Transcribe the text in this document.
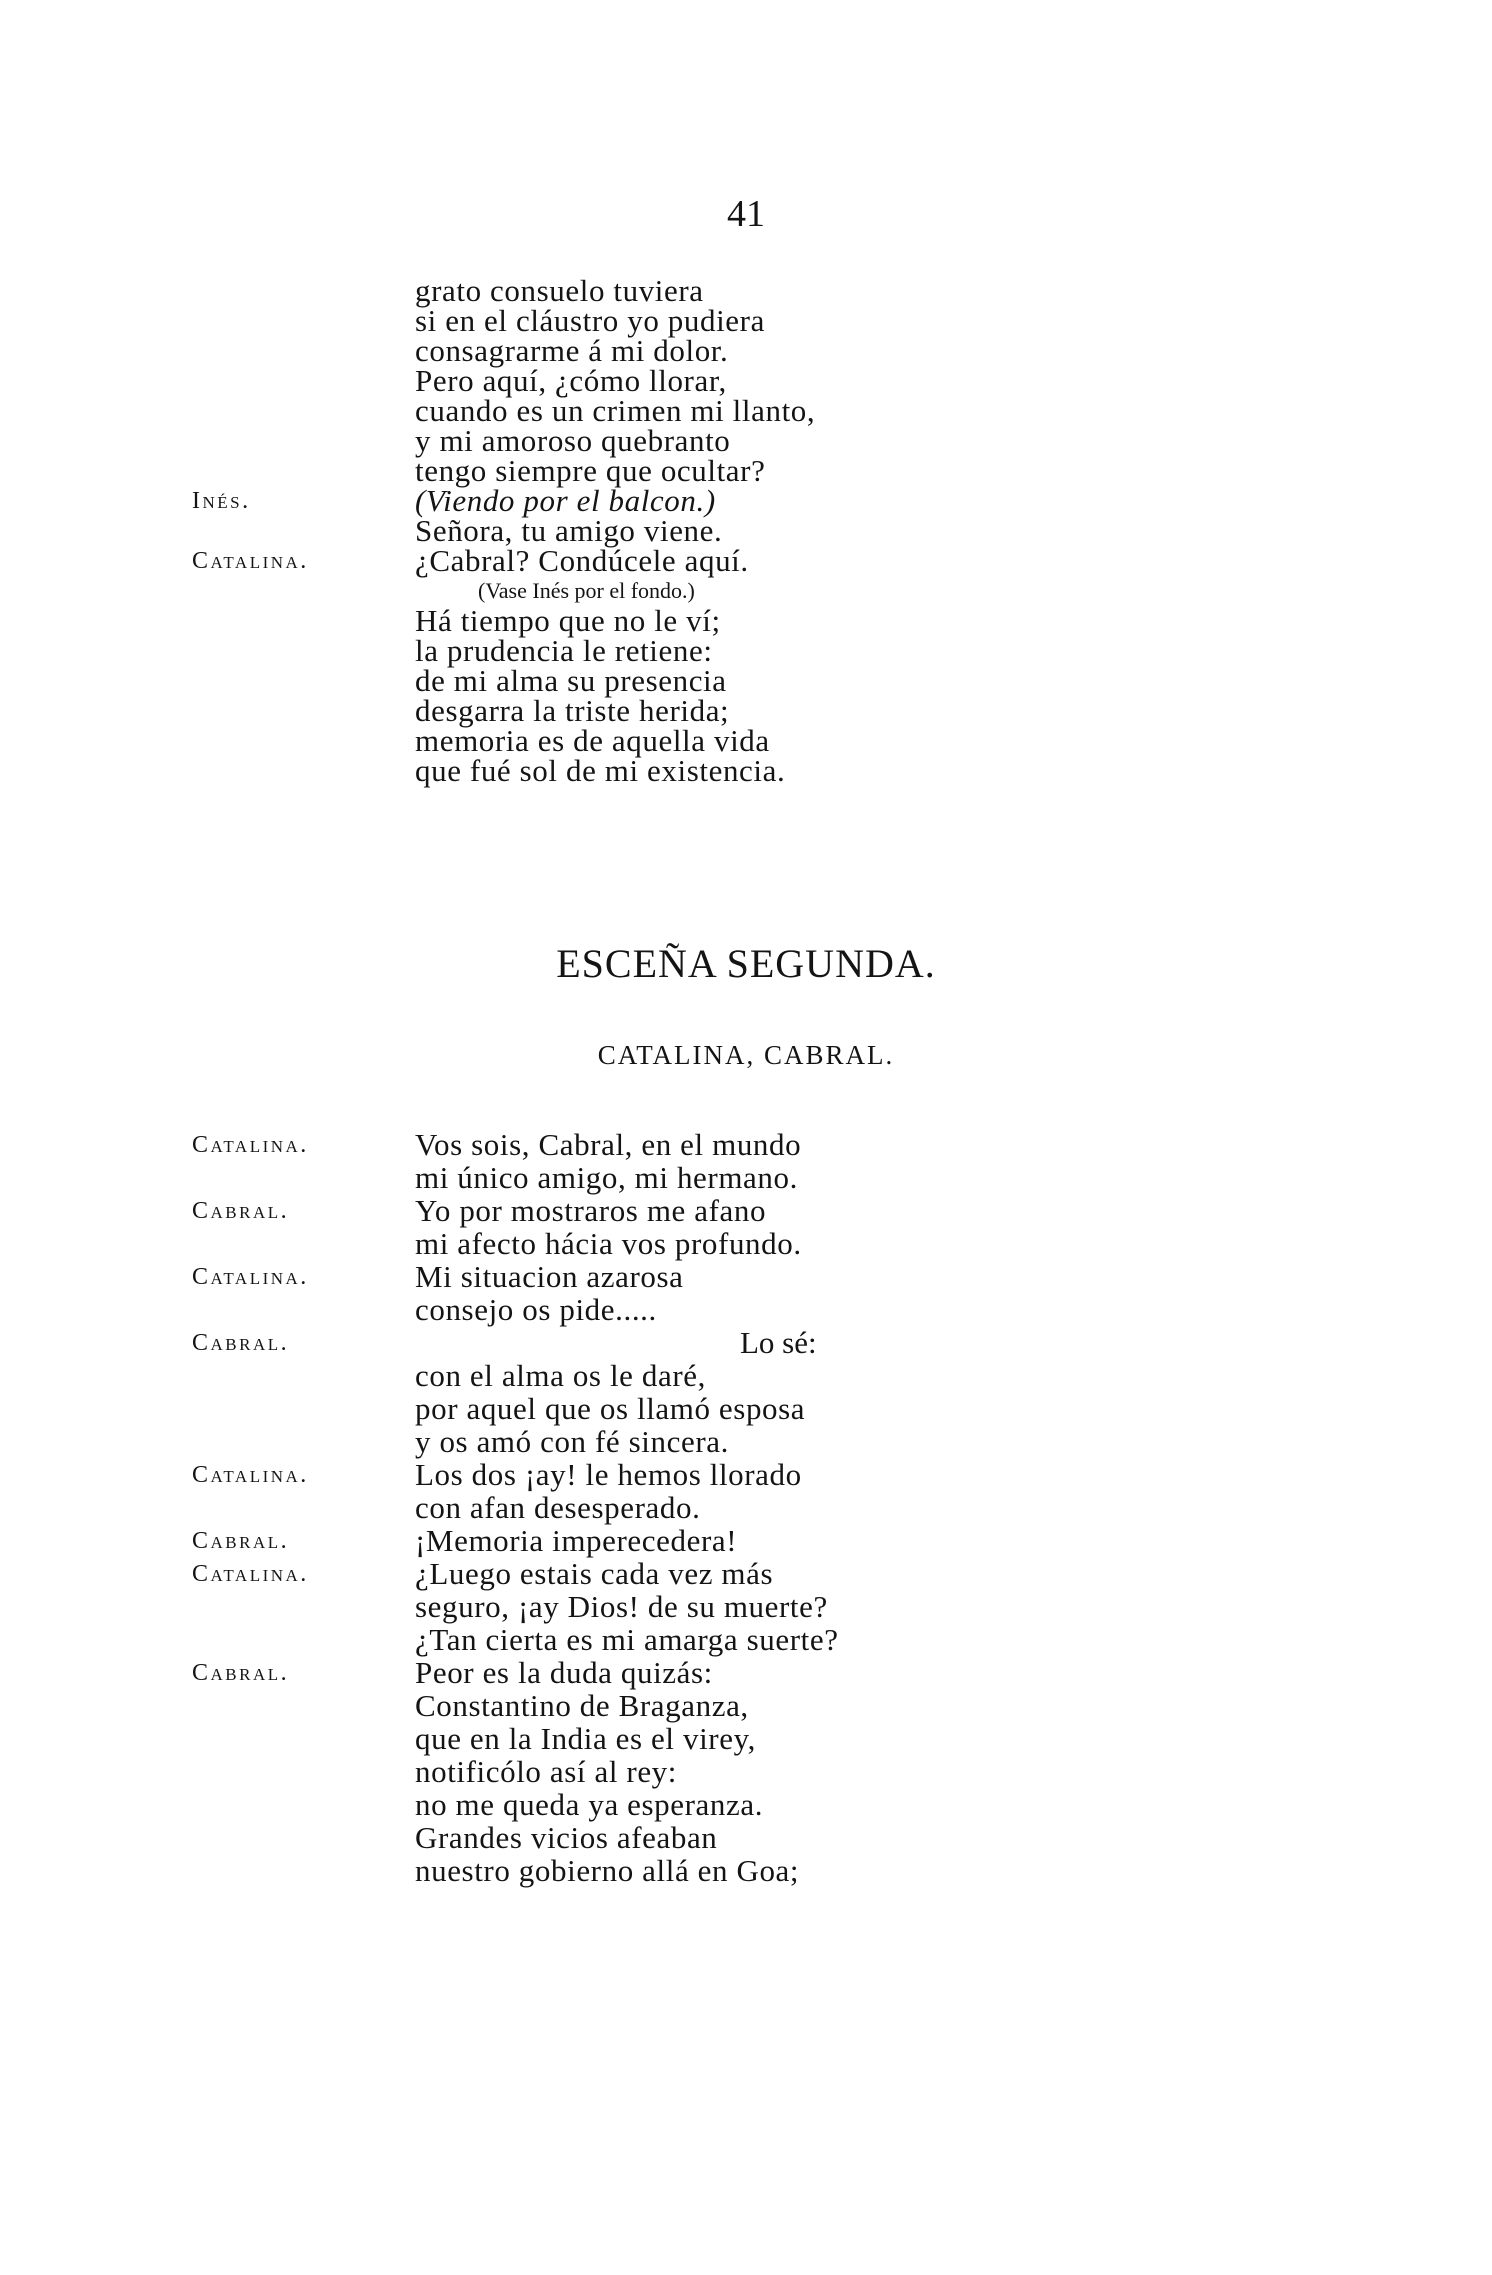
41
grato consuelo tuviera
si en el cláustro yo pudiera
consagrarme á mi dolor.
Pero aquí, ¿cómo llorar,
cuando es un crimen mi llanto,
y mi amoroso quebranto
tengo siempre que ocultar?
Inés.	(Viendo por el balcon.)
Señora, tu amigo viene.
Catalina.	¿Cabral? Condúcele aquí.
(Vase Inés por el fondo.)
Há tiempo que no le ví;
la prudencia le retiene:
de mi alma su presencia
desgarra la triste herida;
memoria es de aquella vida
que fué sol de mi existencia.
ESCEÑA SEGUNDA.
CATALINA, CABRAL.
Catalina.	Vos sois, Cabral, en el mundo
mi único amigo, mi hermano.
Cabral.	Yo por mostraros me afano
mi afecto hácia vos profundo.
Catalina.	Mi situacion azarosa
consejo os pide.....
Cabral.	Lo sé:
con el alma os le daré,
por aquel que os llamó esposa
y os amó con fé sincera.
Catalina.	Los dos ¡ay! le hemos llorado
con afan desesperado.
Cabral.	¡Memoria imperecedera!
Catalina.	¿Luego estais cada vez más
seguro, ¡ay Dios! de su muerte?
¿Tan cierta es mi amarga suerte?
Cabral.	Peor es la duda quizás:
Constantino de Braganza,
que en la India es el virey,
notificólo así al rey:
no me queda ya esperanza.
Grandes vicios afeaban
nuestro gobierno allá en Goa;
